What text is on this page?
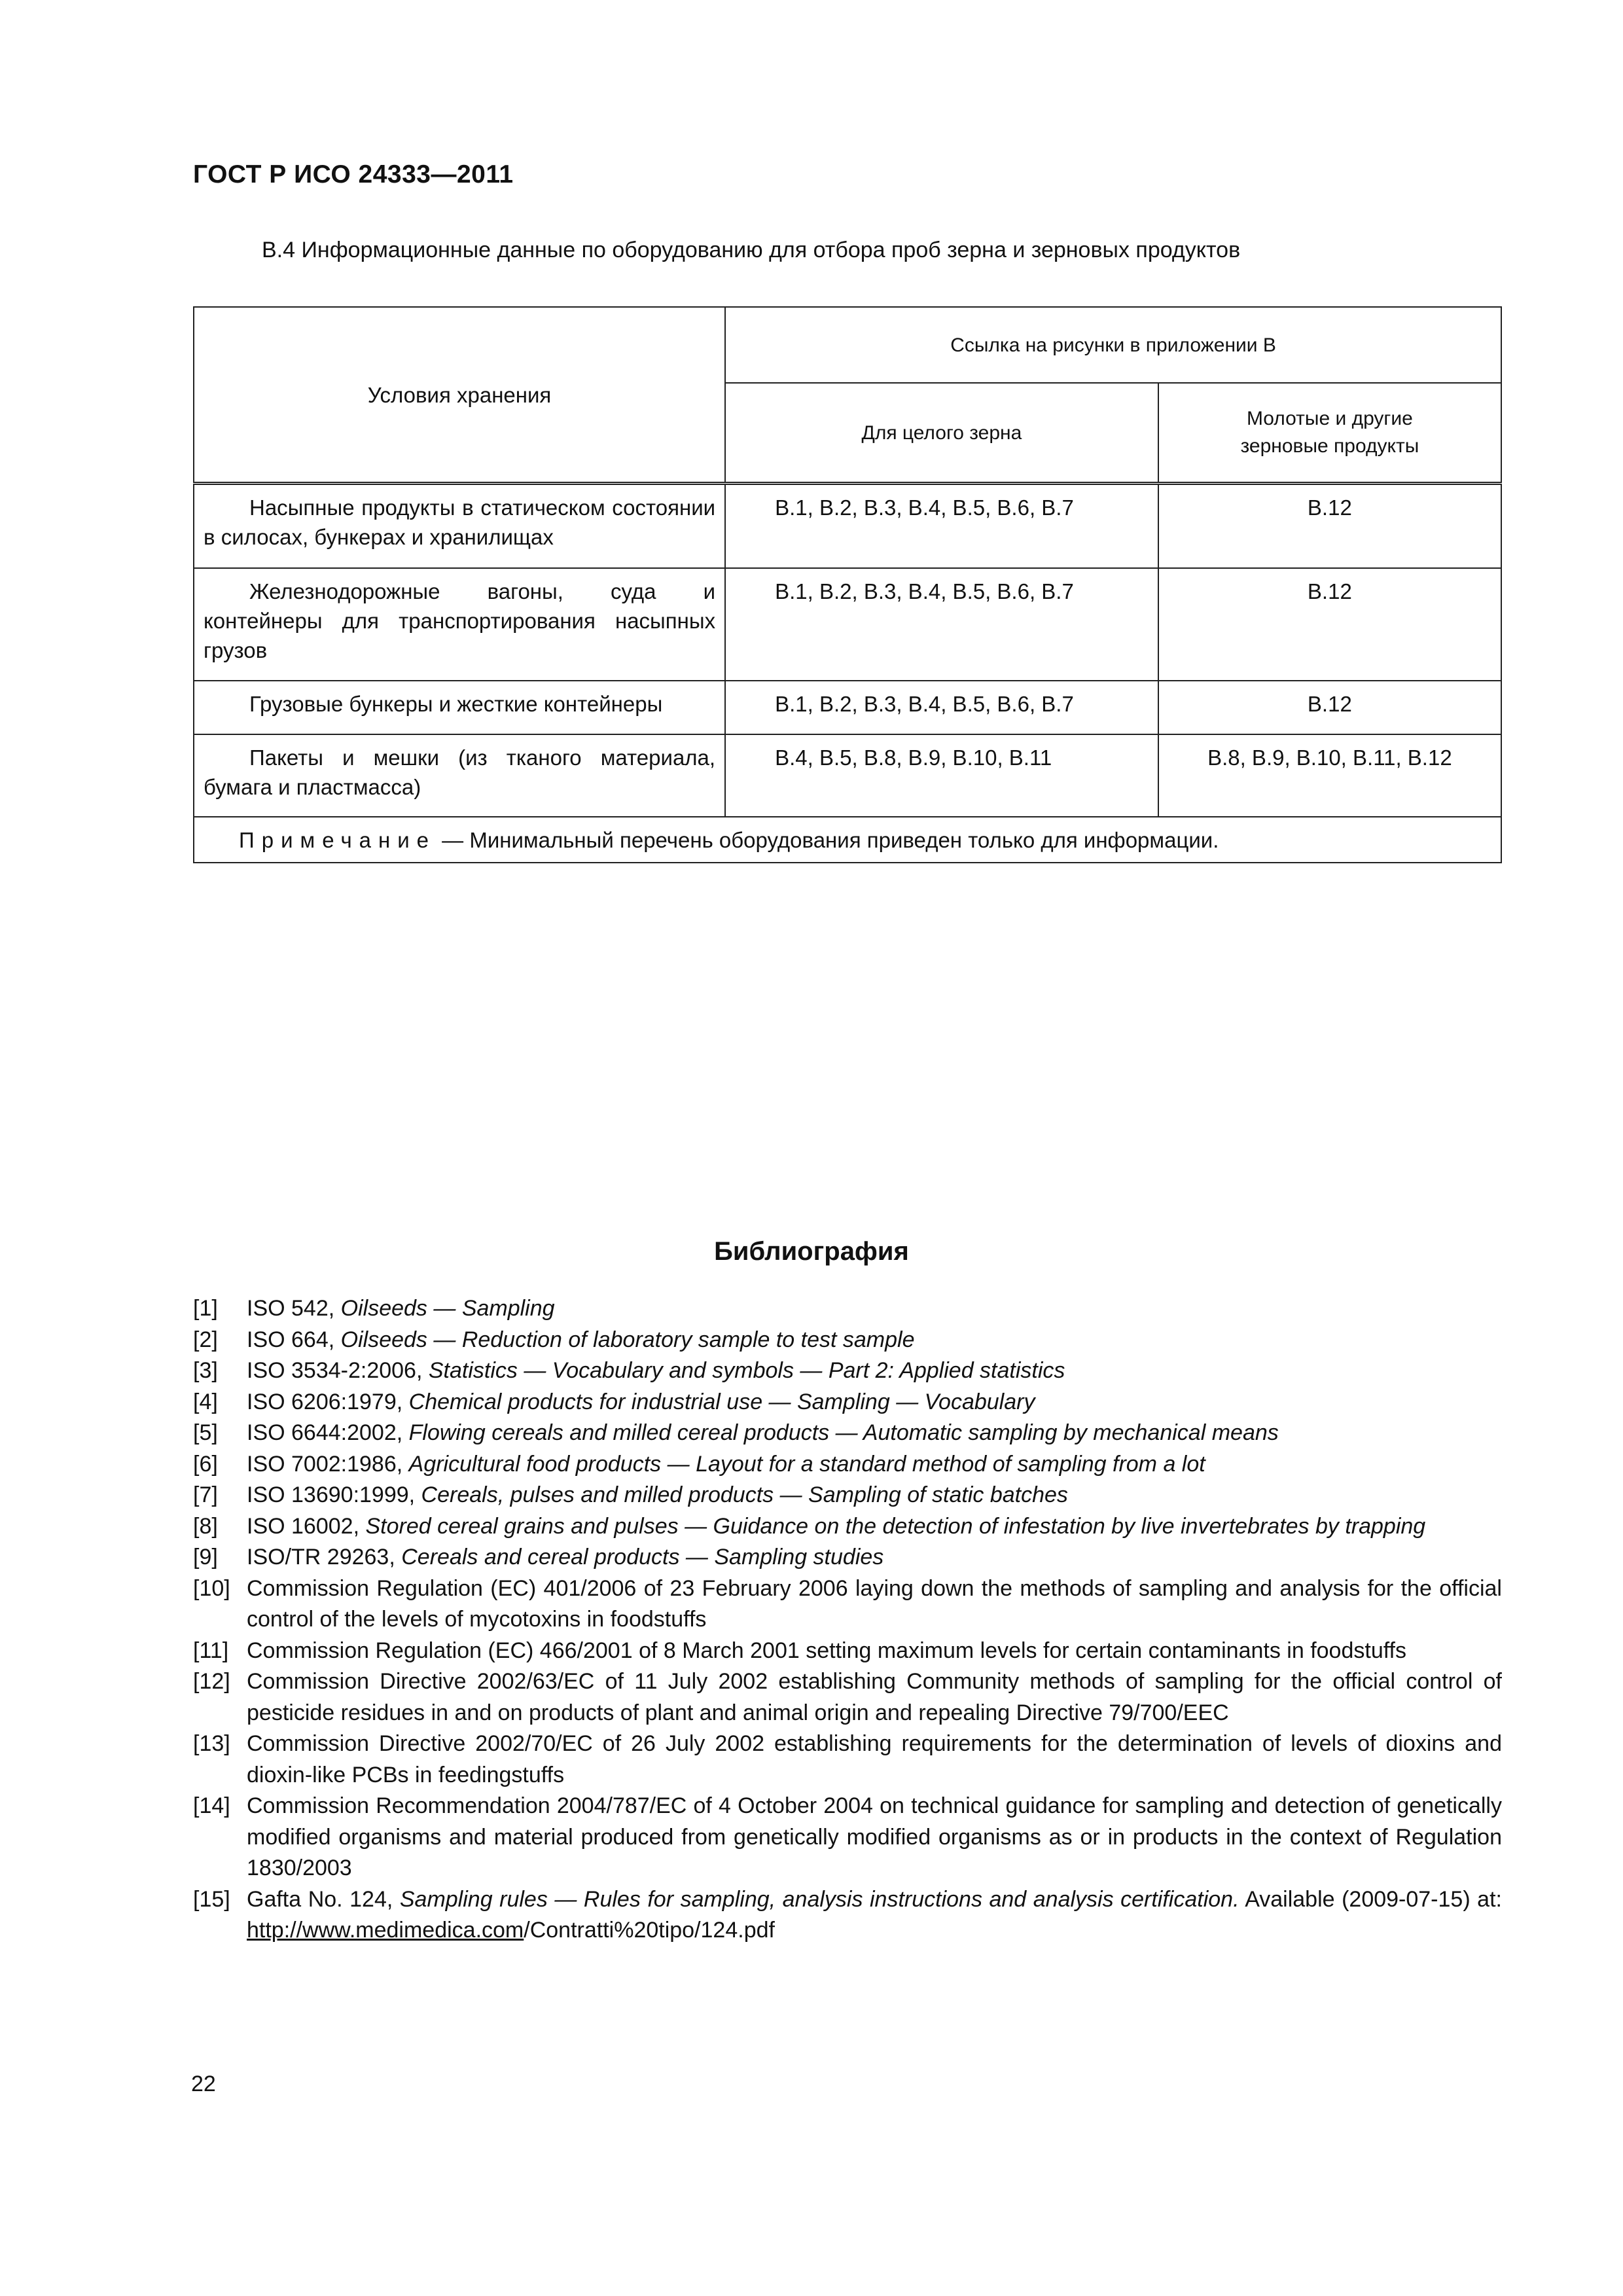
ГОСТ Р ИСО 24333—2011
B.4 Информационные данные по оборудованию для отбора проб зерна и зерновых продуктов
Условия хранения	Ссылка на рисунки в приложении В	
	Для целого зерна	Молотые и другие
зерновые продукты
Насыпные продукты в статическом состоянии в силосах, бункерах и хранилищах	В.1, В.2, В.3, В.4, В.5, В.6, В.7	В.12
Железнодорожные вагоны, суда и контейнеры для транспортирования насыпных грузов	В.1, В.2, В.3, В.4, В.5, В.6, В.7	В.12
Грузовые бункеры и жесткие контейнеры	В.1, В.2, В.3, В.4, В.5, В.6, В.7	В.12
Пакеты и мешки (из тканого материала, бумага и пластмасса)	В.4, В.5, В.8, В.9, В.10, В.11	В.8, В.9, В.10, В.11, В.12
Примечание — Минимальный перечень оборудования приведен только для информации.		
Библиография
[1]	ISO 542, Oilseeds — Sampling
[2]	ISO 664, Oilseeds — Reduction of laboratory sample to test sample
[3]	ISO 3534-2:2006, Statistics — Vocabulary and symbols — Part 2: Applied statistics
[4]	ISO 6206:1979, Chemical products for industrial use — Sampling — Vocabulary
[5]	ISO 6644:2002, Flowing cereals and milled cereal products — Automatic sampling by mechanical means
[6]	ISO 7002:1986, Agricultural food products — Layout for a standard method of sampling from a lot
[7]	ISO 13690:1999, Cereals, pulses and milled products — Sampling of static batches
[8]	ISO 16002, Stored cereal grains and pulses — Guidance on the detection of infestation by live invertebrates by trapping
[9]	ISO/TR 29263, Cereals and cereal products — Sampling studies
[10] Commission Regulation (EC) 401/2006 of 23 February 2006 laying down the methods of sampling and analysis for the official control of the levels of mycotoxins in foodstuffs
[11] Commission Regulation (EC) 466/2001 of 8 March 2001 setting maximum levels for certain contaminants in foodstuffs
[12] Commission Directive 2002/63/EC of 11 July 2002 establishing Community methods of sampling for the official control of pesticide residues in and on products of plant and animal origin and repealing Directive 79/700/EEC
[13] Commission Directive 2002/70/EC of 26 July 2002 establishing requirements for the determination of levels of dioxins and dioxin-like PCBs in feedingstuffs
[14] Commission Recommendation 2004/787/EC of 4 October 2004 on technical guidance for sampling and detection of genetically modified organisms and material produced from genetically modified organisms as or in products in the context of Regulation 1830/2003
[15] Gafta No. 124, Sampling rules — Rules for sampling, analysis instructions and analysis certification. Available (2009-07-15) at: http://www.medimedica.com/Contratti%20tipo/124.pdf
22
